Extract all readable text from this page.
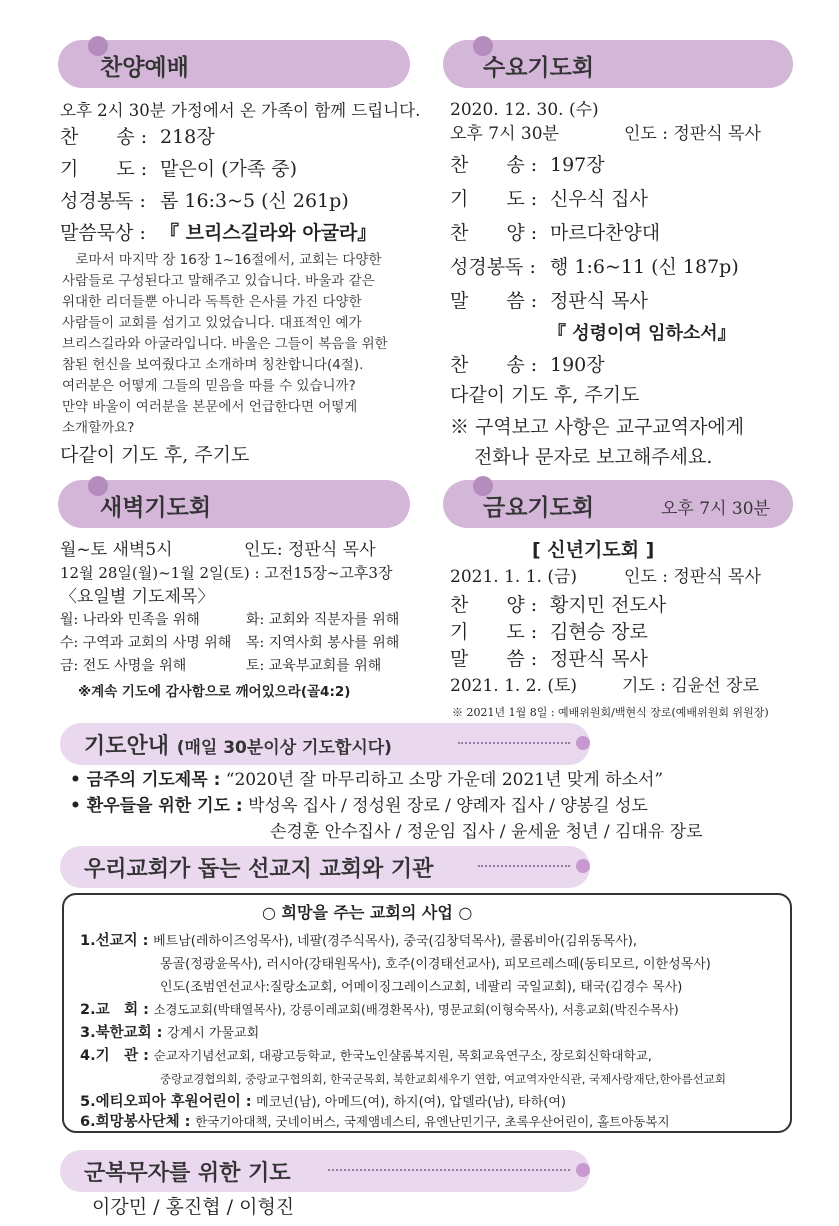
찬양예배
오후 2시 30분 가정에서 온 가족이 함께 드립니다.
찬　　송 : 218장
기　　도 : 맡은이 (가족 중)
성경봉독 : 롬 16:3~5 (신 261p)
말씀묵상 : 『 브리스길라와 아굴라』
　로마서 마지막 장 16장 1~16절에서, 교회는 다양한
사람들로 구성된다고 말해주고 있습니다. 바울과 같은
위대한 리더들뿐 아니라 독특한 은사를 가진 다양한
사람들이 교회를 섬기고 있었습니다. 대표적인 예가
브리스길라와 아굴라입니다. 바울은 그들이 복음을 위한
참된 헌신을 보여줬다고 소개하며 칭찬합니다(4절).
여러분은 어떻게 그들의 믿음을 따를 수 있습니까?
만약 바울이 여러분을 본문에서 언급한다면 어떻게
소개할까요?
다같이 기도 후, 주기도
수요기도회
2020. 12. 30. (수)
오후 7시 30분	인도 : 정판식 목사
찬　　송 : 197장
기　　도 : 신우식 집사
찬　　양 : 마르다찬양대
성경봉독 : 행 1:6~11 (신 187p)
말　　씀 : 정판식 목사
『 성령이여 임하소서』
찬　　송 : 190장
다같이 기도 후, 주기도
※ 구역보고 사항은 교구교역자에게
전화나 문자로 보고해주세요.
새벽기도회
월~토 새벽5시	인도: 정판식 목사
12월 28일(월)~1월 2일(토) : 고전15장~고후3장
〈요일별 기도제목〉
월: 나라와 민족을 위해	화: 교회와 직분자를 위해
수: 구역과 교회의 사명 위해 목: 지역사회 봉사를 위해
금: 전도 사명을 위해	토: 교육부교회를 위해
※계속 기도에 감사함으로 깨어있으라(골4:2)
금요기도회	오후 7시 30분
[ 신년기도회 ]
2021. 1. 1. (금)	인도 : 정판식 목사
찬　　양 : 황지민 전도사
기　　도 : 김현승 장로
말　　씀 : 정판식 목사
2021. 1. 2. (토)	기도 : 김윤선 장로
※ 2021년 1월 8일 : 예배위원회/백현식 장로(예배위원회 위원장)
기도안내 (매일 30분이상 기도합시다)
• 금주의 기도제목 : “2020년 잘 마무리하고 소망 가운데 2021년 맞게 하소서”
• 환우들을 위한 기도 : 박성옥 집사 / 정성원 장로 / 양례자 집사 / 양봉길 성도
손경훈 안수집사 / 정운임 집사 / 윤세윤 청년 / 김대유 장로
우리교회가 돕는 선교지 교회와 기관
○ 희망을 주는 교회의 사업 ○
1.선교지 : 베트남(레하이즈엉목사), 네팔(경주식목사), 중국(김창덕목사), 콜롬비아(김위동목사),
몽골(정광윤목사), 러시아(강태원목사), 호주(이경태선교사), 피모르레스떼(동티모르, 이한성목사)
인도(조범연선교사:질랑소교회, 어메이징그레이스교회, 네팔리 국일교회), 태국(김경수 목사)
2.교　회 : 소경도교회(박태열목사), 강릉이레교회(배경환목사), 명문교회(이형숙목사), 서흥교회(박진수목사)
3.북한교회 : 강계시 가물교회
4.기　관 : 순교자기념선교회, 대광고등학교, 한국노인샬롬복지원, 목회교육연구소, 장로회신학대학교,
중랑교경협의회, 중랑교구협의회, 한국군목회, 북한교회세우기 연합, 여교역자안식관, 국제사랑재단,한아름선교회
5.에티오피아 후원어린이 : 메코넌(남), 아메드(여), 하지(여), 압델라(남), 타하(여)
6.희망봉사단체 : 한국기아대책, 굿네이버스, 국제앰네스티, 유엔난민기구, 초록우산어린이, 홀트아동복지
군복무자를 위한 기도
이강민 / 홍진협 / 이형진
